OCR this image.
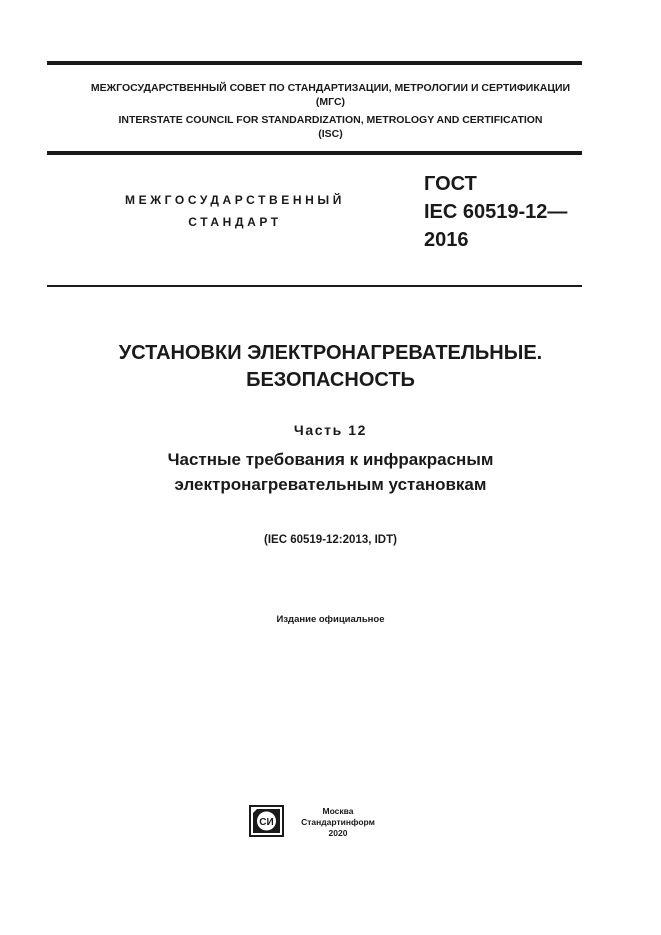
МЕЖГОСУДАРСТВЕННЫЙ СОВЕТ ПО СТАНДАРТИЗАЦИИ, МЕТРОЛОГИИ И СЕРТИФИКАЦИИ
(МГС)
INTERSTATE COUNCIL FOR STANDARDIZATION, METROLOGY AND CERTIFICATION
(ISC)
МЕЖГОСУДАРСТВЕННЫЙ
СТАНДАРТ
ГОСТ
IEC 60519-12—
2016
УСТАНОВКИ ЭЛЕКТРОНАГРЕВАТЕЛЬНЫЕ.
БЕЗОПАСНОСТЬ
Часть 12
Частные требования к инфракрасным
электронагревательным установкам
(IEC 60519-12:2013, IDT)
Издание официальное
СИ
Москва
Стандартинформ
2020
